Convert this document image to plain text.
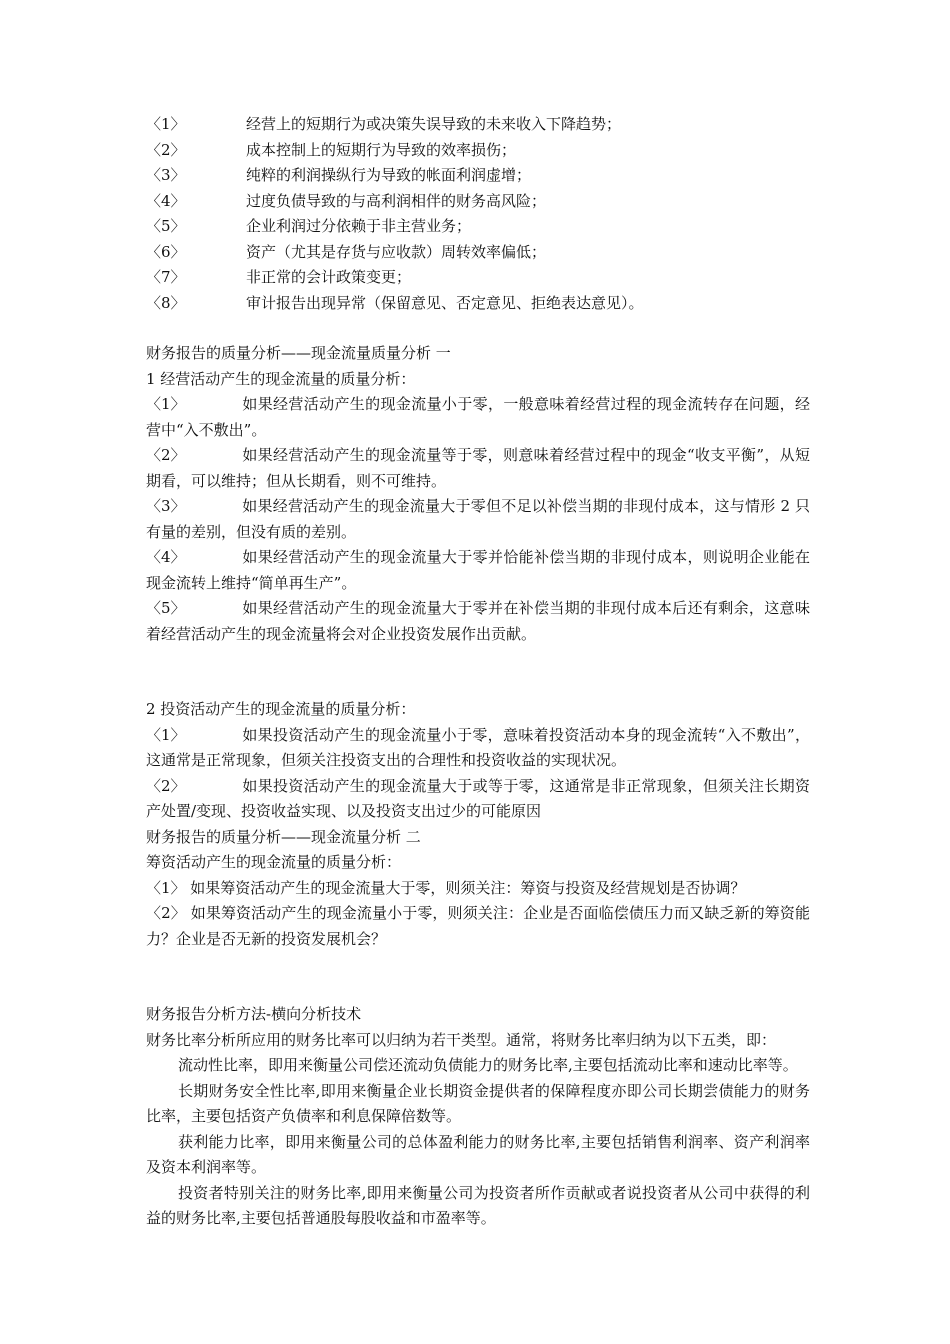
〈1〉	经营上的短期行为或决策失误导致的未来收入下降趋势；
〈2〉	成本控制上的短期行为导致的效率损伤；
〈3〉	纯粹的利润操纵行为导致的帐面利润虚增；
〈4〉	过度负债导致的与高利润相伴的财务高风险；
〈5〉	企业利润过分依赖于非主营业务；
〈6〉	资产（尤其是存货与应收款）周转效率偏低；
〈7〉	非正常的会计政策变更；
〈8〉	审计报告出现异常（保留意见、否定意见、拒绝表达意见）。
财务报告的质量分析——现金流量质量分析 一
1 经营活动产生的现金流量的质量分析：
〈1〉	如果经营活动产生的现金流量小于零，一般意味着经营过程的现金流转存在问题，经营中“入不敷出”。
〈2〉	如果经营活动产生的现金流量等于零，则意味着经营过程中的现金“收支平衡”，从短期看，可以维持；但从长期看，则不可维持。
〈3〉	如果经营活动产生的现金流量大于零但不足以补偿当期的非现付成本，这与情形 2 只有量的差别，但没有质的差别。
〈4〉	如果经营活动产生的现金流量大于零并恰能补偿当期的非现付成本，则说明企业能在现金流转上维持“简单再生产”。
〈5〉	如果经营活动产生的现金流量大于零并在补偿当期的非现付成本后还有剩余，这意味着经营活动产生的现金流量将会对企业投资发展作出贡献。
2 投资活动产生的现金流量的质量分析：
〈1〉	如果投资活动产生的现金流量小于零，意味着投资活动本身的现金流转“入不敷出”，这通常是正常现象，但须关注投资支出的合理性和投资收益的实现状况。
〈2〉	如果投资活动产生的现金流量大于或等于零，这通常是非正常现象，但须关注长期资产处置/变现、投资收益实现、以及投资支出过少的可能原因
财务报告的质量分析——现金流量分析 二
筹资活动产生的现金流量的质量分析：
〈1〉 如果筹资活动产生的现金流量大于零，则须关注：筹资与投资及经营规划是否协调？
〈2〉 如果筹资活动产生的现金流量小于零，则须关注：企业是否面临偿债压力而又缺乏新的筹资能力？企业是否无新的投资发展机会？
财务报告分析方法-横向分析技术
财务比率分析所应用的财务比率可以归纳为若干类型。通常，将财务比率归纳为以下五类，即：
流动性比率，即用来衡量公司偿还流动负债能力的财务比率,主要包括流动比率和速动比率等。
长期财务安全性比率,即用来衡量企业长期资金提供者的保障程度亦即公司长期尝债能力的财务比率，主要包括资产负债率和利息保障倍数等。
获利能力比率，即用来衡量公司的总体盈利能力的财务比率,主要包括销售利润率、资产利润率及资本利润率等。
投资者特别关注的财务比率,即用来衡量公司为投资者所作贡献或者说投资者从公司中获得的利益的财务比率,主要包括普通股每股收益和市盈率等。
